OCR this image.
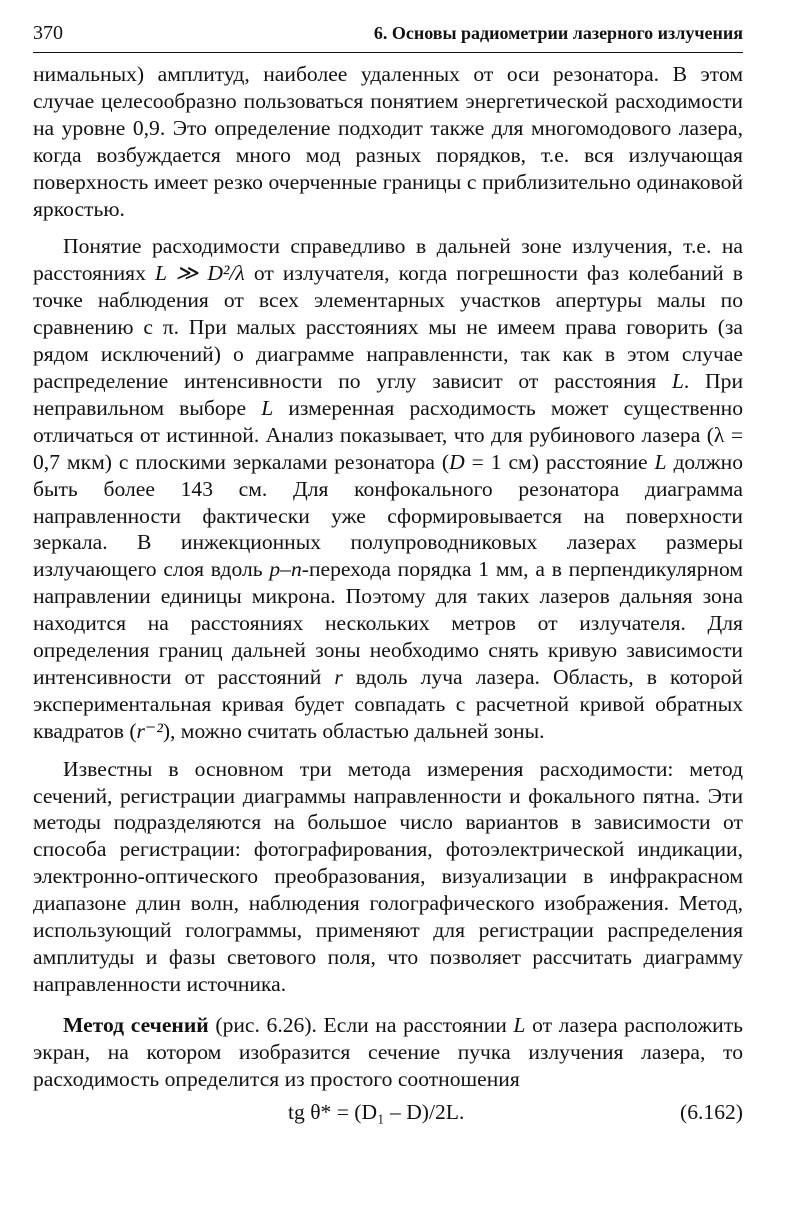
370	6. Основы радиометрии лазерного излучения

нимальных) амплитуд, наиболее удаленных от оси резонатора. В этом случае целесообразно пользоваться понятием энергетической расходимости на уровне 0,9. Это определение подходит также для многомодового лазера, когда возбуждается много мод разных порядков, т.е. вся излучающая поверхность имеет резко очерченные границы с приблизительно одинаковой яркостью.

Понятие расходимости справедливо в дальней зоне излучения, т.е. на расстояниях L ≫ D²/λ от излучателя, когда погрешности фаз колебаний в точке наблюдения от всех элементарных участков апертуры малы по сравнению с π. При малых расстояниях мы не имеем права говорить (за рядом исключений) о диаграмме направленнсти, так как в этом случае распределение интенсивности по углу зависит от расстояния L. При неправильном выборе L измеренная расходимость может существенно отличаться от истинной. Анализ показывает, что для рубинового лазера (λ = 0,7 мкм) с плоскими зеркалами резонатора (D = 1 см) расстояние L должно быть более 143 см. Для конфокального резонатора диаграмма направленности фактически уже сформировывается на поверхности зеркала. В инжекционных полупроводниковых лазерах размеры излучающего слоя вдоль p–n-перехода порядка 1 мм, а в перпендикулярном направлении единицы микрона. Поэтому для таких лазеров дальняя зона находится на расстояниях нескольких метров от излучателя. Для определения границ дальней зоны необходимо снять кривую зависимости интенсивности от расстояний r вдоль луча лазера. Область, в которой экспериментальная кривая будет совпадать с расчетной кривой обратных квадратов (r⁻²), можно считать областью дальней зоны.

Известны в основном три метода измерения расходимости: метод сечений, регистрации диаграммы направленности и фокального пятна. Эти методы подразделяются на большое число вариантов в зависимости от способа регистрации: фотографирования, фотоэлектрической индикации, электронно-оптического преобразования, визуализации в инфракрасном диапазоне длин волн, наблюдения голографического изображения. Метод, использующий голограммы, применяют для регистрации распределения амплитуды и фазы светового поля, что позволяет рассчитать диаграмму направленности источника.

Метод сечений (рис. 6.26). Если на расстоянии L от лазера расположить экран, на котором изобразится сечение пучка излучения лазера, то расходимость определится из простого соотношения

tg θ* = (D₁ – D)/2L.	(6.162)
